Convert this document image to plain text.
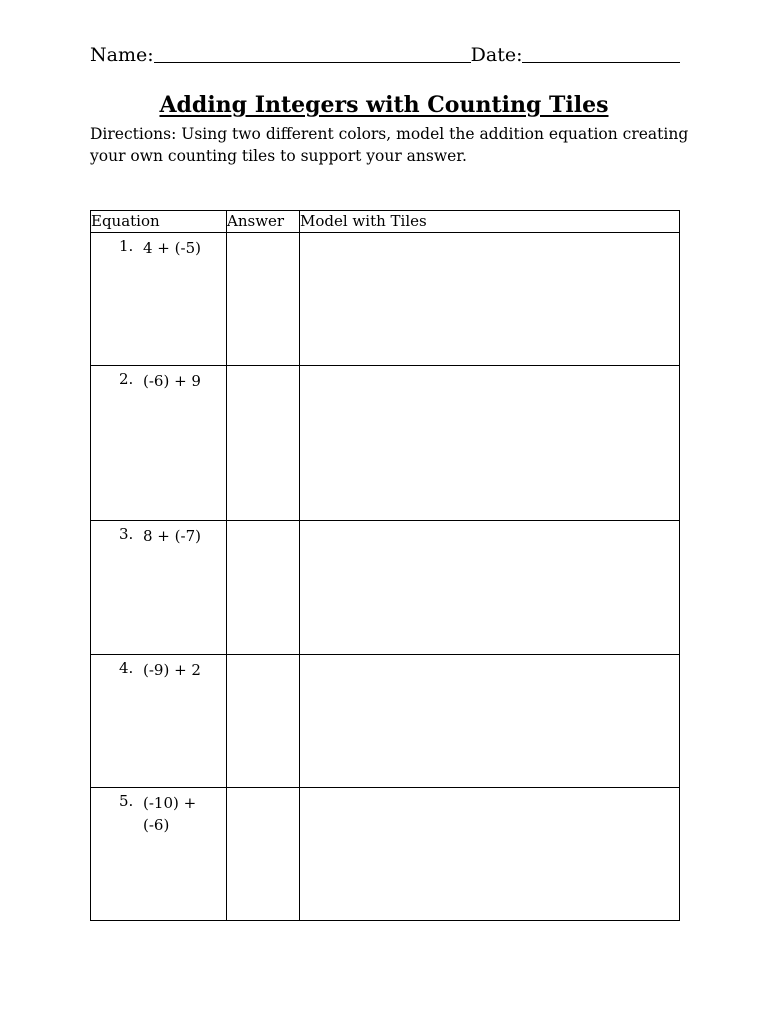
Name:	Date:
Adding Integers with Counting Tiles
Directions: Using two different colors, model the addition equation creating your own counting tiles to support your answer.
Equation	Answer	Model with Tiles

1. 4 + (-5)		

2. (-6) + 9		

3. 8 + (-7)		

4. (-9) + 2		

5. (-10) + (-6)		
